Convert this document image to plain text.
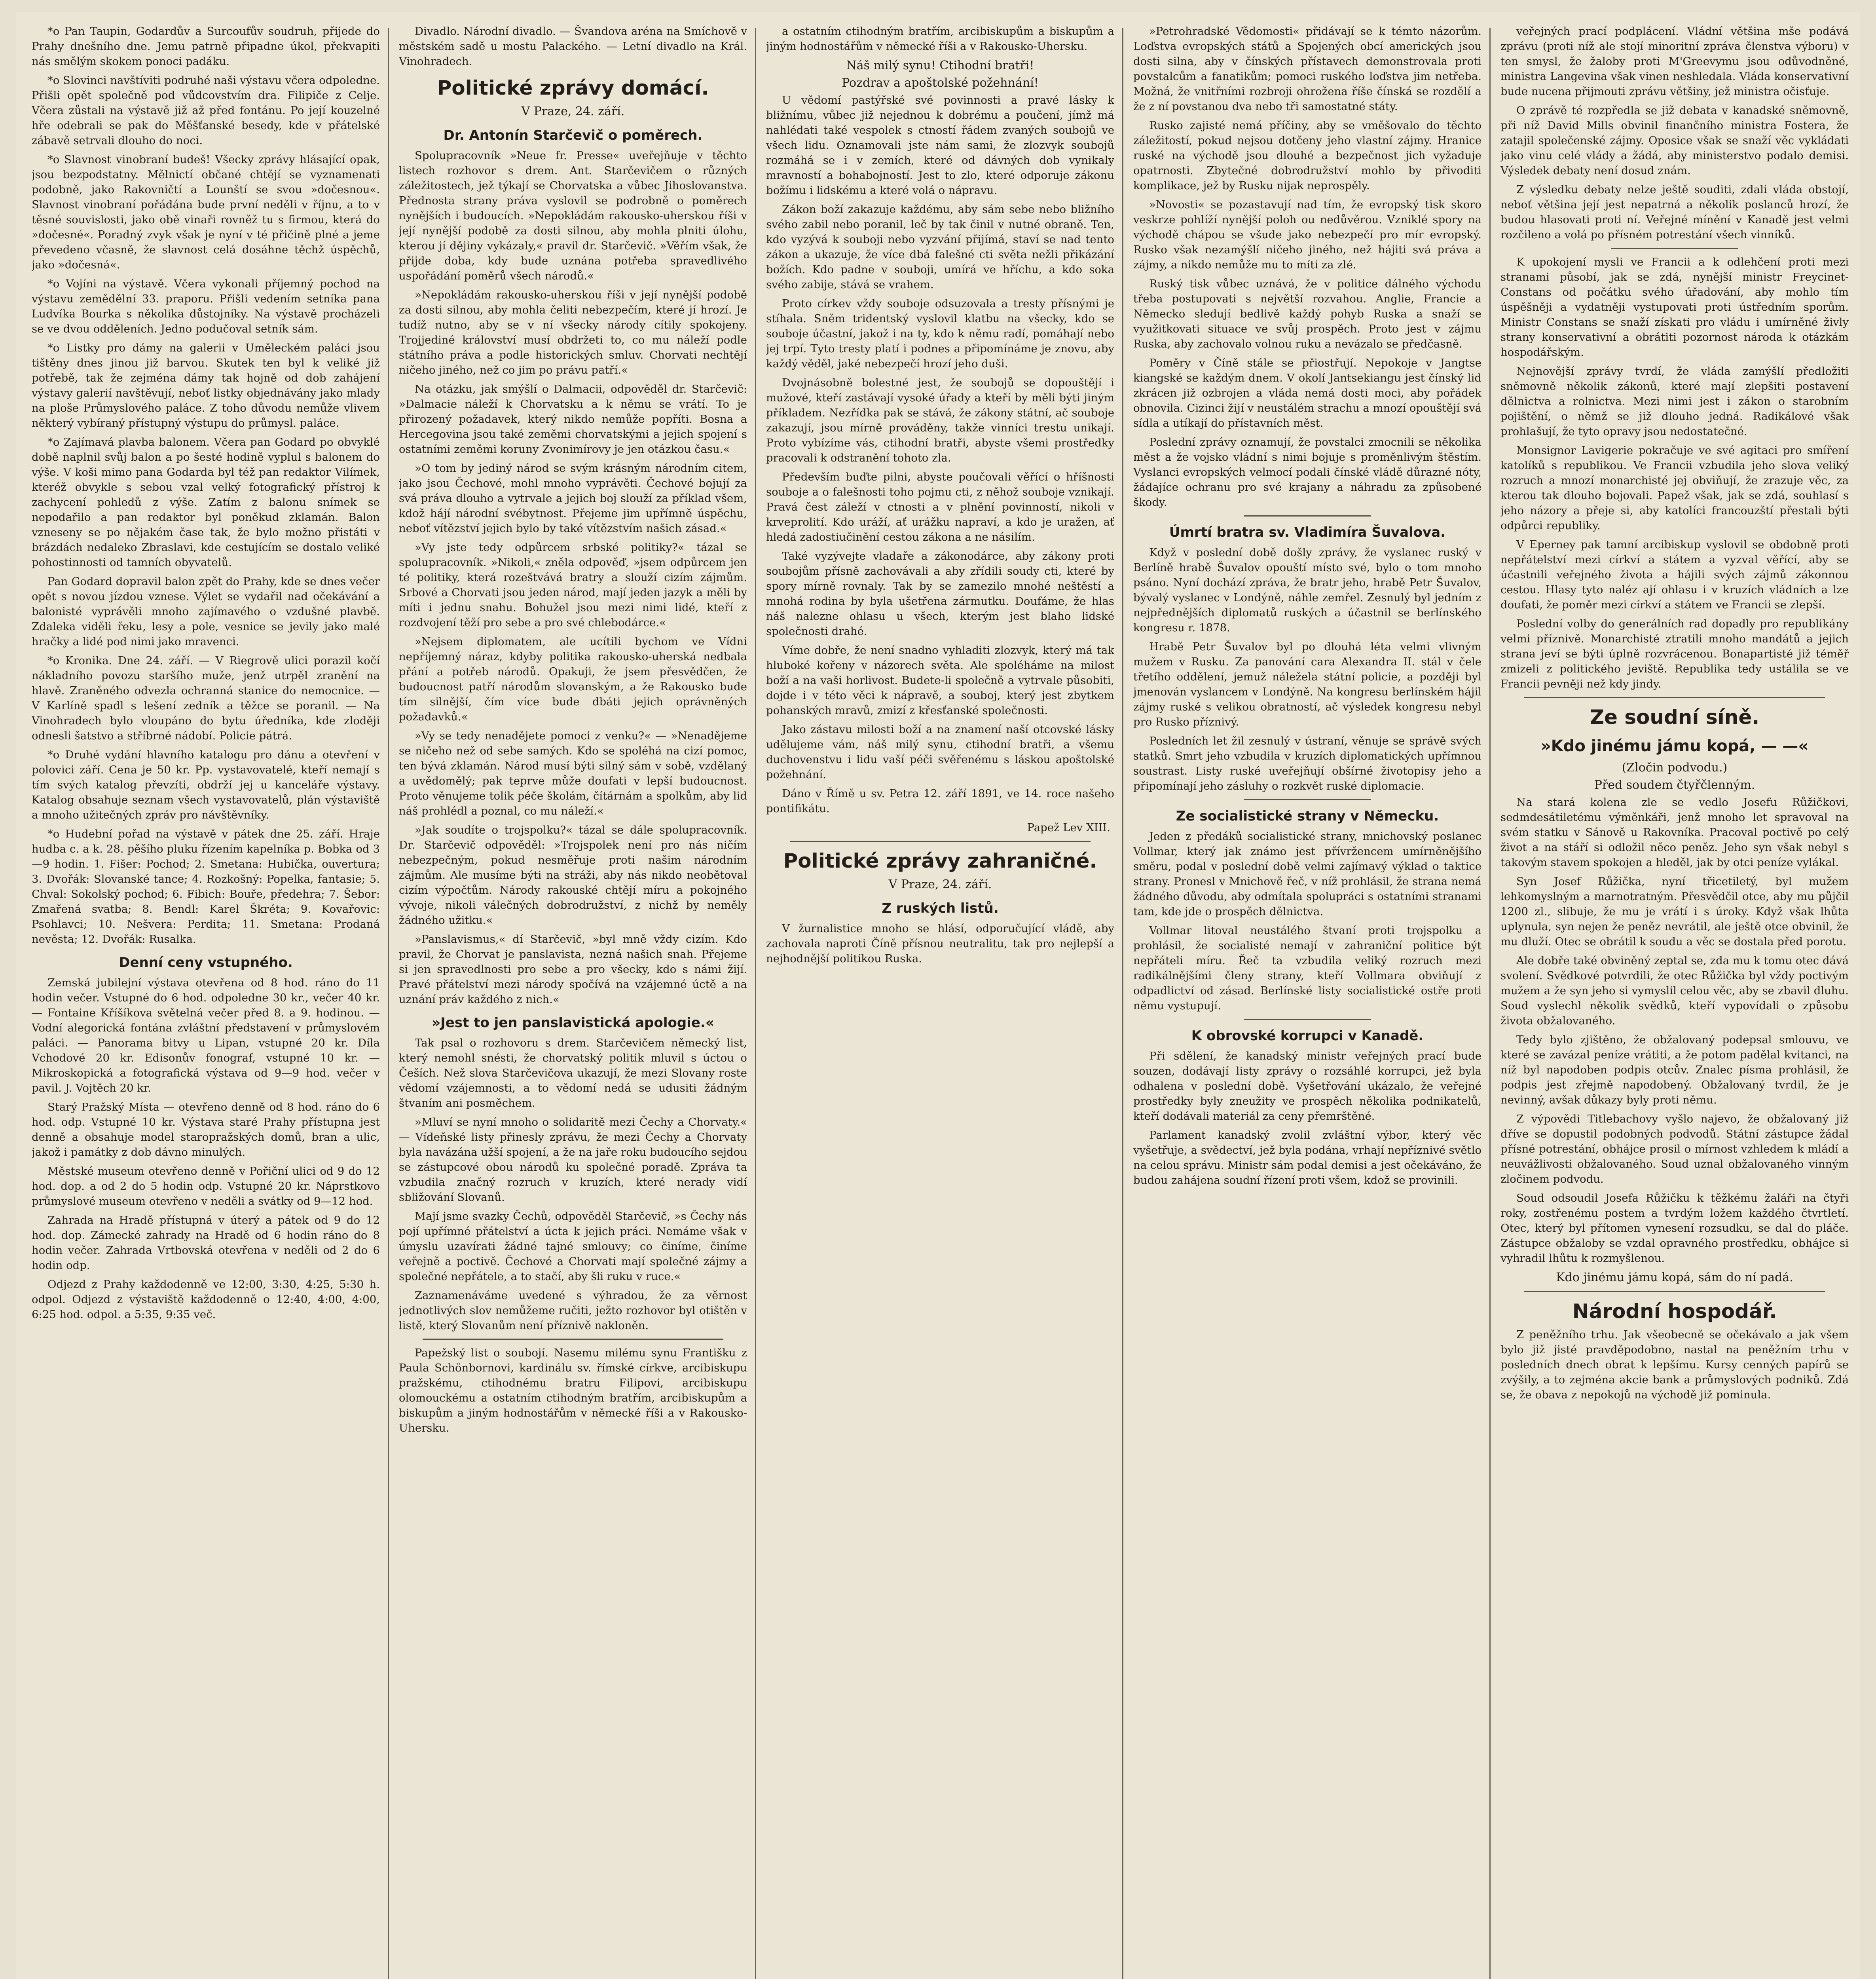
*o Pan Taupin, Godardův a Surcoufův soudruh, přijede do Prahy dnešního dne. Jemu patrně připadne úkol, překvapiti nás smělým skokem ponoci padáku.

*o Slovinci navštíviti podruhé naši výstavu včera odpoledne. Přišli opět společně pod vůdcovstvím dra. Filipiče z Celje. Včera zůstali na výstavě již až před fontánu. Po její kouzelné hře odebrali se pak do Měšťanské besedy, kde v přátelské zábavě setrvali dlouho do noci.

*o Slavnost vinobraní budeš! Všecky zprávy hlásající opak, jsou bezpodstatny. Mělnictí občané chtějí se vyznamenati podobně, jako Rakovničtí a Lounští se svou »dočesnou«. Slavnost vinobraní pořádána bude první neděli v říjnu, a to v těsné souvislosti, jako obě vinaři rovněž tu s firmou, která do »dočesné«. Poradný zvyk však je nyní v té přičině plné a jeme převedeno včasně, že slavnost celá dosáhne těchž úspěchů, jako »dočesná«.

*o Vojíni na výstavě. Včera vykonali příjemný pochod na výstavu zemědělní 33. praporu. Přišli vedením setníka pana Ludvíka Bourka s několika důstojníky. Na výstavě procházeli se ve dvou odděleních. Jedno podučoval setník sám.

*o Listky pro dámy na galerii v Uměleckém paláci jsou tištěny dnes jinou již barvou. Skutek ten byl k veliké již potřebě, tak že zejména dámy tak hojně od dob zahájení výstavy galerií navštěvují, neboť listky objednávány jako mlady na ploše Průmyslového paláce. Z toho důvodu nemůže vlivem některý vybíraný přístupný výstupu do průmysl. paláce.

*o Zajímavá plavba balonem. Včera pan Godard po obvyklé době naplnil svůj balon a po šesté hodině vyplul s balonem do výše. V koši mimo pana Godarda byl též pan redaktor Vilímek, kteréž obvykle s sebou vzal velký fotografický přístroj k zachycení pohledů z výše. Zatím z balonu snímek se nepodařilo a pan redaktor byl poněkud zklamán. Balon vzneseny se po nějakém čase tak, že bylo možno přistáti v brázdách nedaleko Zbraslavi, kde cestujícím se dostalo veliké pohostinnosti od tamních obyvatelů.

Pan Godard dopravil balon zpět do Prahy, kde se dnes večer opět s novou jízdou vznese. Výlet se vydařil nad očekávání a balonisté vyprávěli mnoho zajímavého o vzdušné plavbě. Zdaleka viděli řeku, lesy a pole, vesnice se jevily jako malé hračky a lidé pod nimi jako mravenci.

*o Kronika. Dne 24. září. — V Riegrově ulici porazil kočí nákladního povozu staršího muže, jenž utrpěl zranění na hlavě. Zraněného odvezla ochranná stanice do nemocnice. — V Karlíně spadl s lešení zedník a těžce se poranil. — Na Vinohradech bylo vloupáno do bytu úředníka, kde zloději odnesli šatstvo a stříbrné nádobí. Policie pátrá.

*o Druhé vydání hlavního katalogu pro dánu a otevření v polovici září. Cena je 50 kr. Pp. vystavovatelé, kteří nemají s tím svých katalog převzíti, obdrží jej u kanceláře výstavy. Katalog obsahuje seznam všech vystavovatelů, plán výstaviště a mnoho užitečných zpráv pro návštěvníky.

*o Hudební pořad na výstavě v pátek dne 25. září. Hraje hudba c. a k. 28. pěšího pluku řízením kapelníka p. Bobka od 3—9 hodin. 1. Fišer: Pochod; 2. Smetana: Hubička, ouvertura; 3. Dvořák: Slovanské tance; 4. Rozkošný: Popelka, fantasie; 5. Chval: Sokolský pochod; 6. Fibich: Bouře, předehra; 7. Šebor: Zmařená svatba; 8. Bendl: Karel Škréta; 9. Kovařovic: Psohlavci; 10. Nešvera: Perdita; 11. Smetana: Prodaná nevěsta; 12. Dvořák: Rusalka.

Denní ceny vstupného.

Zemská jubilejní výstava otevřena od 8 hod. ráno do 11 hodin večer. Vstupné do 6 hod. odpoledne 30 kr., večer 40 kr. — Fontaine Kříšíkova světelná večer před 8. a 9. hodinou. — Vodní alegorická fontána zvláštní představení v průmyslovém paláci. — Panorama bitvy u Lipan, vstupné 20 kr. Díla Vchodové 20 kr. Edisonův fonograf, vstupné 10 kr. — Mikroskopická a fotografická výstava od 9—9 hod. večer v pavil. J. Vojtěch 20 kr.

Starý Pražský Místa — otevřeno denně od 8 hod. ráno do 6 hod. odp. Vstupné 10 kr. Výstava staré Prahy přístupna jest denně a obsahuje model staropražských domů, bran a ulic, jakož i památky z dob dávno minulých.

Městské museum otevřeno denně v Pořiční ulici od 9 do 12 hod. dop. a od 2 do 5 hodin odp. Vstupné 20 kr. Náprstkovo průmyslové museum otevřeno v neděli a svátky od 9—12 hod.

Zahrada na Hradě přístupná v úterý a pátek od 9 do 12 hod. dop. Zámecké zahrady na Hradě od 6 hodin ráno do 8 hodin večer. Zahrada Vrtbovská otevřena v neděli od 2 do 6 hodin odp.

Odjezd z Prahy každodenně ve 12:00, 3:30, 4:25, 5:30 h. odpol. Odjezd z výstaviště každodenně o 12:40, 4:00, 4:00, 6:25 hod. odpol. a 5:35, 9:35 več.

Divadlo. Národní divadlo. — Švandova aréna na Smíchově v městském sadě u mostu Palackého. — Letní divadlo na Král. Vinohradech.

Politické zprávy domácí.
V Praze, 24. září.
Dr. Antonín Starčevič o poměrech.

Spolupracovník »Neue fr. Presse« uveřejňuje v těchto listech rozhovor s drem. Ant. Starčevičem o různých záležitostech, jež týkají se Chorvatska a vůbec Jihoslovanstva. Přednosta strany práva vyslovil se podrobně o poměrech nynějších i budoucích. »Nepokládám rakousko-uherskou říši v její nynější podobě za dosti silnou, aby mohla plniti úlohu, kterou jí dějiny vykázaly,« pravil dr. Starčevič. »Věřím však, že přijde doba, kdy bude uznána potřeba spravedlivého uspořádání poměrů všech národů.«

»Nepokládám rakousko-uherskou říši v její nynější podobě za dosti silnou, aby mohla čeliti nebezpečím, které jí hrozí. Je tudíž nutno, aby se v ní všecky národy cítily spokojeny. Trojjediné království musí obdržeti to, co mu náleží podle státního práva a podle historických smluv. Chorvati nechtějí ničeho jiného, než co jim po právu patří.«

Na otázku, jak smýšlí o Dalmacii, odpověděl dr. Starčevič: »Dalmacie náleží k Chorvatsku a k němu se vrátí. To je přirozený požadavek, který nikdo nemůže popříti. Bosna a Hercegovina jsou také zeměmi chorvatskými a jejich spojení s ostatními zeměmi koruny Zvonimírovy je jen otázkou času.«

»O tom by jediný národ se svým krásným národním citem, jako jsou Čechové, mohl mnoho vyprávěti. Čechové bojují za svá práva dlouho a vytrvale a jejich boj slouží za příklad všem, kdož hájí národní svébytnost. Přejeme jim upřímně úspěchu, neboť vítězství jejich bylo by také vítězstvím našich zásad.«

»Vy jste tedy odpůrcem srbské politiky?« tázal se spolupracovník. »Nikoli,« zněla odpověď, »jsem odpůrcem jen té politiky, která rozeštvává bratry a slouží cizím zájmům. Srbové a Chorvati jsou jeden národ, mají jeden jazyk a měli by míti i jednu snahu. Bohužel jsou mezi nimi lidé, kteří z rozdvojení těží pro sebe a pro své chlebodárce.«

»Nejsem diplomatem, ale ucítili bychom ve Vídni nepříjemný náraz, kdyby politika rakousko-uherská nedbala přání a potřeb národů. Opakuji, že jsem přesvědčen, že budoucnost patří národům slovanským, a že Rakousko bude tím silnější, čím více bude dbáti jejich oprávněných požadavků.«

»Vy se tedy nenadějete pomoci z venku?« — »Nenadějeme se ničeho než od sebe samých. Kdo se spoléhá na cizí pomoc, ten bývá zklamán. Národ musí býti silný sám v sobě, vzdělaný a uvědomělý; pak teprve může doufati v lepší budoucnost. Proto věnujeme tolik péče školám, čítárnám a spolkům, aby lid náš prohlédl a poznal, co mu náleží.«

»Jak soudíte o trojspolku?« tázal se dále spolupracovník. Dr. Starčevič odpověděl: »Trojspolek není pro nás ničím nebezpečným, pokud nesměřuje proti našim národním zájmům. Ale musíme býti na stráži, aby nás nikdo neobětoval cizím výpočtům. Národy rakouské chtějí míru a pokojného vývoje, nikoli válečných dobrodružství, z nichž by neměly žádného užitku.«

»Panslavismus,« dí Starčevič, »byl mně vždy cizím. Kdo pravil, že Chorvat je panslavista, nezná našich snah. Přejeme si jen spravedlnosti pro sebe a pro všecky, kdo s námi žijí. Pravé přátelství mezi národy spočívá na vzájemné úctě a na uznání práv každého z nich.«

»Jest to jen panslavistická apologie.«

Tak psal o rozhovoru s drem. Starčevičem německý list, který nemohl snésti, že chorvatský politik mluvil s úctou o Češích. Než slova Starčevičova ukazují, že mezi Slovany roste vědomí vzájemnosti, a to vědomí nedá se udusiti žádným štvaním ani posměchem.

»Mluví se nyní mnoho o solidaritě mezi Čechy a Chorvaty.« — Vídeňské listy přinesly zprávu, že mezi Čechy a Chorvaty byla navázána užší spojení, a že na jaře roku budoucího sejdou se zástupcové obou národů ku společné poradě. Zpráva ta vzbudila značný rozruch v kruzích, které nerady vidí sbližování Slovanů.

Mají jsme svazky Čechů, odpověděl Starčevič, »s Čechy nás pojí upřímné přátelství a úcta k jejich práci. Nemáme však v úmyslu uzavírati žádné tajné smlouvy; co činíme, činíme veřejně a poctivě. Čechové a Chorvati mají společné zájmy a společné nepřátele, a to stačí, aby šli ruku v ruce.«

Zaznamenáváme uvedené s výhradou, že za věrnost jednotlivých slov nemůžeme ručiti, ježto rozhovor byl otištěn v listě, který Slovanům není příznivě nakloněn.

Papežský list o soubojí. Nasemu milému synu Františku z Paula Schönbornovi, kardinálu sv. římské církve, arcibiskupu pražskému, ctihodnému bratru Filipovi, arcibiskupu olomouckému a ostatním ctihodným bratřím, arcibiskupům a biskupům a jiným hodnostářům v německé říši a v Rakousko-Uhersku.

a ostatním ctihodným bratřím, arcibiskupům a biskupům a jiným hodnostářům v německé říši a v Rakousko-Uhersku.

Náš milý synu! Ctihodní bratři!
Pozdrav a apoštolské požehnání!

U vědomí pastýřské své povinnosti a pravé lásky k bližnímu, vůbec již nejednou k dobrému a poučení, jímž má nahlédati také vespolek s ctností řádem zvaných soubojů ve všech lidu. Oznamovali jste nám sami, že zlozvyk soubojů rozmáhá se i v zemích, které od dávných dob vynikaly mravností a bohabojností. Jest to zlo, které odporuje zákonu božímu i lidskému a které volá o nápravu.

Zákon boží zakazuje každému, aby sám sebe nebo bližního svého zabil nebo poranil, leč by tak činil v nutné obraně. Ten, kdo vyzývá k souboji nebo vyzvání přijímá, staví se nad tento zákon a ukazuje, že více dbá falešné cti světa nežli přikázání božích. Kdo padne v souboji, umírá ve hříchu, a kdo soka svého zabije, stává se vrahem.

Proto církev vždy souboje odsuzovala a tresty přísnými je stíhala. Sněm tridentský vyslovil klatbu na všecky, kdo se souboje účastní, jakož i na ty, kdo k němu radí, pomáhají nebo jej trpí. Tyto tresty platí i podnes a připomínáme je znovu, aby každý věděl, jaké nebezpečí hrozí jeho duši.

Dvojnásobně bolestné jest, že soubojů se dopouštějí i mužové, kteří zastávají vysoké úřady a kteří by měli býti jiným příkladem. Nezřídka pak se stává, že zákony státní, ač souboje zakazují, jsou mírně prováděny, takže vinníci trestu unikají. Proto vybízíme vás, ctihodní bratři, abyste všemi prostředky pracovali k odstranění tohoto zla.

Především buďte pilni, abyste poučovali věřící o hříšnosti souboje a o falešnosti toho pojmu cti, z něhož souboje vznikají. Pravá čest záleží v ctnosti a v plnění povinností, nikoli v krveprolití. Kdo uráží, ať urážku napraví, a kdo je uražen, ať hledá zadostiučinění cestou zákona a ne násilím.

Také vyzývejte vladaře a zákonodárce, aby zákony proti soubojům přísně zachovávali a aby zřídili soudy cti, které by spory mírně rovnaly. Tak by se zamezilo mnohé neštěstí a mnohá rodina by byla ušetřena zármutku. Doufáme, že hlas náš nalezne ohlasu u všech, kterým jest blaho lidské společnosti drahé.

Víme dobře, že není snadno vyhladiti zlozvyk, který má tak hluboké kořeny v názorech světa. Ale spoléháme na milost boží a na vaši horlivost. Budete-li společně a vytrvale působiti, dojde i v této věci k nápravě, a souboj, který jest zbytkem pohanských mravů, zmizí z křesťanské společnosti.

Jako zástavu milosti boží a na znamení naší otcovské lásky udělujeme vám, náš milý synu, ctihodní bratři, a všemu duchovenstvu i lidu vaší péči svěřenému s láskou apoštolské požehnání.

Dáno v Římě u sv. Petra 12. září 1891, ve 14. roce našeho pontifikátu.

Papež Lev XIII.
Politické zprávy zahraničné.
V Praze, 24. září.
Z ruských listů.

V žurnalistice mnoho se hlásí, odporučující vládě, aby zachovala naproti Číně přísnou neutralitu, tak pro nejlepší a nejhodnější politikou Ruska.

»Petrohradské Vědomosti« přidávají se k témto názorům. Loďstva evropských států a Spojených obcí amerických jsou dosti silna, aby v čínských přístavech demonstrovala proti povstalcům a fanatikům; pomoci ruského loďstva jim netřeba. Možná, že vnitřními rozbroji ohrožena říše čínská se rozdělí a že z ní povstanou dva nebo tři samostatné státy.

Rusko zajisté nemá příčiny, aby se vměšovalo do těchto záležitostí, pokud nejsou dotčeny jeho vlastní zájmy. Hranice ruské na východě jsou dlouhé a bezpečnost jich vyžaduje opatrnosti. Zbytečné dobrodružství mohlo by přivoditi komplikace, jež by Rusku nijak neprospěly.

»Novosti« se pozastavují nad tím, že evropský tisk skoro veskrze pohlíží nynější poloh ou nedůvěrou. Vzniklé spory na východě chápou se všude jako nebezpečí pro mír evropský. Rusko však nezamýšlí ničeho jiného, než hájiti svá práva a zájmy, a nikdo nemůže mu to míti za zlé.

Ruský tisk vůbec uznává, že v politice dálného východu třeba postupovati s největší rozvahou. Anglie, Francie a Německo sledují bedlivě každý pohyb Ruska a snaží se využitkovati situace ve svůj prospěch. Proto jest v zájmu Ruska, aby zachovalo volnou ruku a nevázalo se předčasně.

Poměry v Číně stále se přiostřují. Nepokoje v Jangtse kiangské se každým dnem. V okolí Jantsekiangu jest čínský lid zkrácen již ozbrojen a vláda nemá dosti moci, aby pořádek obnovila. Cizinci žijí v neustálém strachu a mnozí opouštějí svá sídla a utíkají do přístavních měst.

Poslední zprávy oznamují, že povstalci zmocnili se několika měst a že vojsko vládní s nimi bojuje s proměnlivým štěstím. Vyslanci evropských velmocí podali čínské vládě důrazné nóty, žádajíce ochranu pro své krajany a náhradu za způsobené škody.

Úmrtí bratra sv. Vladimíra Šuvalova.

Když v poslední době došly zprávy, že vyslanec ruský v Berlíně hrabě Šuvalov opouští místo své, bylo o tom mnoho psáno. Nyní dochází zpráva, že bratr jeho, hrabě Petr Šuvalov, bývalý vyslanec v Londýně, náhle zemřel. Zesnulý byl jedním z nejpřednějších diplomatů ruských a účastnil se berlínského kongresu r. 1878.

Hrabě Petr Šuvalov byl po dlouhá léta velmi vlivným mužem v Rusku. Za panování cara Alexandra II. stál v čele třetího oddělení, jemuž náležela státní policie, a později byl jmenován vyslancem v Londýně. Na kongresu berlínském hájil zájmy ruské s velikou obratností, ač výsledek kongresu nebyl pro Rusko příznivý.

Posledních let žil zesnulý v ústraní, věnuje se správě svých statků. Smrt jeho vzbudila v kruzích diplomatických upřímnou soustrast. Listy ruské uveřejňují obšírné životopisy jeho a připomínají jeho zásluhy o rozkvět ruské diplomacie.

Ze socialistické strany v Německu.

Jeden z předáků socialistické strany, mnichovský poslanec Vollmar, který jak známo jest přívržencem umírněnějšího směru, podal v poslední době velmi zajímavý výklad o taktice strany. Pronesl v Mnichově řeč, v níž prohlásil, že strana nemá žádného důvodu, aby odmítala spolupráci s ostatními stranami tam, kde jde o prospěch dělnictva.

Vollmar litoval neustálého štvaní proti trojspolku a prohlásil, že socialisté nemají v zahraniční politice být nepřáteli míru. Řeč ta vzbudila veliký rozruch mezi radikálnějšími členy strany, kteří Vollmara obviňují z odpadlictví od zásad. Berlínské listy socialistické ostře proti němu vystupují.

K obrovské korrupci v Kanadě.

Při sdělení, že kanadský ministr veřejných prací bude souzen, dodávají listy zprávy o rozsáhlé korrupci, jež byla odhalena v poslední době. Vyšetřování ukázalo, že veřejné prostředky byly zneužity ve prospěch několika podnikatelů, kteří dodávali materiál za ceny přemrštěné.

Parlament kanadský zvolil zvláštní výbor, který věc vyšetřuje, a svědectví, jež byla podána, vrhají nepříznivé světlo na celou správu. Ministr sám podal demisi a jest očekáváno, že budou zahájena soudní řízení proti všem, kdož se provinili.

veřejných prací podplácení. Vládní většina mše podává zprávu (proti níž ale stojí minoritní zpráva členstva výboru) v ten smysl, že žaloby proti M'Greevymu jsou odůvodněné, ministra Langevina však vinen neshledala. Vláda konservativní bude nucena přijmouti zprávu většiny, jež ministra očisťuje.

O zprávě té rozpředla se již debata v kanadské sněmovně, při níž David Mills obvinil finančního ministra Fostera, že zatajil společenské zájmy. Oposice však se snaží věc vykládati jako vinu celé vlády a žádá, aby ministerstvo podalo demisi. Výsledek debaty není dosud znám.

Z výsledku debaty nelze ještě souditi, zdali vláda obstojí, neboť většina její jest nepatrná a několik poslanců hrozí, že budou hlasovati proti ní. Veřejné mínění v Kanadě jest velmi rozčileno a volá po přísném potrestání všech vinníků.

K upokojení mysli ve Francii a k odlehčení proti mezi stranami působí, jak se zdá, nynější ministr Freycinet-Constans od počátku svého úřadování, aby mohlo tím úspěšněji a vydatněji vystupovati proti ústředním sporům. Ministr Constans se snaží získati pro vládu i umírněné živly strany konservativní a obrátiti pozornost národa k otázkám hospodářským.

Nejnovější zprávy tvrdí, že vláda zamýšlí předložiti sněmovně několik zákonů, které mají zlepšiti postavení dělnictva a rolnictva. Mezi nimi jest i zákon o starobním pojištění, o němž se již dlouho jedná. Radikálové však prohlašují, že tyto opravy jsou nedostatečné.

Monsignor Lavigerie pokračuje ve své agitaci pro smíření katolíků s republikou. Ve Francii vzbudila jeho slova veliký rozruch a mnozí monarchisté jej obviňují, že zrazuje věc, za kterou tak dlouho bojovali. Papež však, jak se zdá, souhlasí s jeho názory a přeje si, aby katolíci francouzští přestali býti odpůrci republiky.

V Eperney pak tamní arcibiskup vyslovil se obdobně proti nepřátelství mezi církví a státem a vyzval věřící, aby se účastnili veřejného života a hájili svých zájmů zákonnou cestou. Hlasy tyto naléz ají ohlasu i v kruzích vládních a lze doufati, že poměr mezi církví a státem ve Francii se zlepší.

Poslední volby do generálních rad dopadly pro republikány velmi příznivě. Monarchisté ztratili mnoho mandátů a jejich strana jeví se býti úplně rozvrácenou. Bonapartisté již téměř zmizeli z politického jeviště. Republika tedy ustálila se ve Francii pevněji než kdy jindy.

Ze soudní síně.
»Kdo jinému jámu kopá, — —«
(Zločin podvodu.)
Před soudem čtyřčlenným.

Na stará kolena zle se vedlo Josefu Růžičkovi, sedmdesátiletému výměnkáři, jenž mnoho let spravoval na svém statku v Sánově u Rakovníka. Pracoval poctivě po celý život a na stáří si odložil něco peněz. Jeho syn však nebyl s takovým stavem spokojen a hleděl, jak by otci peníze vylákal.

Syn Josef Růžička, nyní třicetiletý, byl mužem lehkomyslným a marnotratným. Přesvědčil otce, aby mu půjčil 1200 zl., slibuje, že mu je vrátí i s úroky. Když však lhůta uplynula, syn nejen že peněz nevrátil, ale ještě otce obvinil, že mu dluží. Otec se obrátil k soudu a věc se dostala před porotu.

Ale dobře také obviněný zeptal se, zda mu k tomu otec dává svolení. Svědkové potvrdili, že otec Růžička byl vždy poctivým mužem a že syn jeho si vymyslil celou věc, aby se zbavil dluhu. Soud vyslechl několik svědků, kteří vypovídali o způsobu života obžalovaného.

Tedy bylo zjištěno, že obžalovaný podepsal smlouvu, ve které se zavázal peníze vrátiti, a že potom padělal kvitanci, na níž byl napodoben podpis otcův. Znalec písma prohlásil, že podpis jest zřejmě napodobený. Obžalovaný tvrdil, že je nevinný, avšak důkazy byly proti němu.

Z výpovědi Titlebachovy vyšlo najevo, že obžalovaný již dříve se dopustil podobných podvodů. Státní zástupce žádal přísné potrestání, obhájce prosil o mírnost vzhledem k mládí a neuvážlivosti obžalovaného. Soud uznal obžalovaného vinným zločinem podvodu.

Soud odsoudil Josefa Růžičku k těžkému žaláři na čtyři roky, zostřenému postem a tvrdým ložem každého čtvrtletí. Otec, který byl přítomen vynesení rozsudku, se dal do pláče. Zástupce obžaloby se vzdal opravného prostředku, obhájce si vyhradil lhůtu k rozmyšlenou.

Kdo jinému jámu kopá, sám do ní padá.
Národní hospodář.

Z peněžního trhu. Jak všeobecně se očekávalo a jak všem bylo již jisté pravděpodobno, nastal na peněžním trhu v posledních dnech obrat k lepšímu. Kursy cenných papírů se zvýšily, a to zejména akcie bank a průmyslových podniků. Zdá se, že obava z nepokojů na východě již pominula.
